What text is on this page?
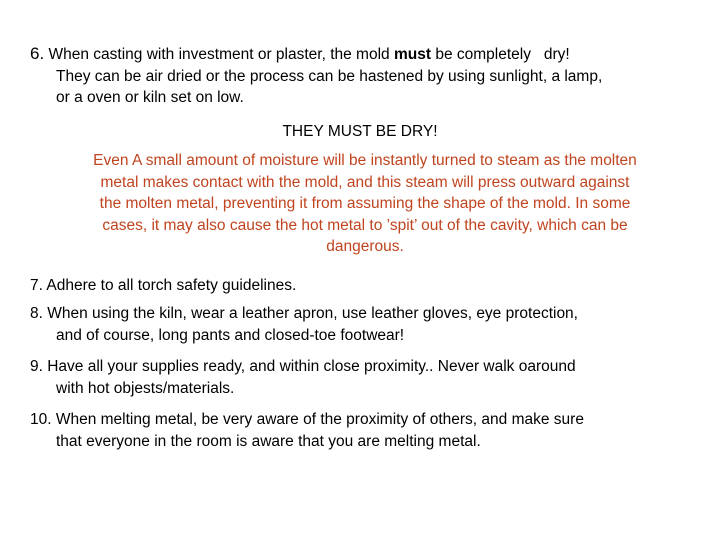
6. When casting with investment or plaster, the mold must be completely   dry!
They can be air dried or the process can be hastened by using sunlight, a lamp,
or a oven or kiln set on low.

THEY MUST BE DRY!

Even A small amount of moisture will be instantly turned to steam as the molten
metal makes contact with the mold, and this steam will press outward against
the molten metal, preventing it from assuming the shape of the mold. In some
cases, it may also cause the hot metal to ’spit’ out of the cavity, which can be
dangerous.

7. Adhere to all torch safety guidelines.

8. When using the kiln, wear a leather apron, use leather gloves, eye protection,
and of course, long pants and closed-toe footwear!

9. Have all your supplies ready, and within close proximity.. Never walk oaround
with hot objests/materials.

10. When melting metal, be very aware of the proximity of others, and make sure
that everyone in the room is aware that you are melting metal.
